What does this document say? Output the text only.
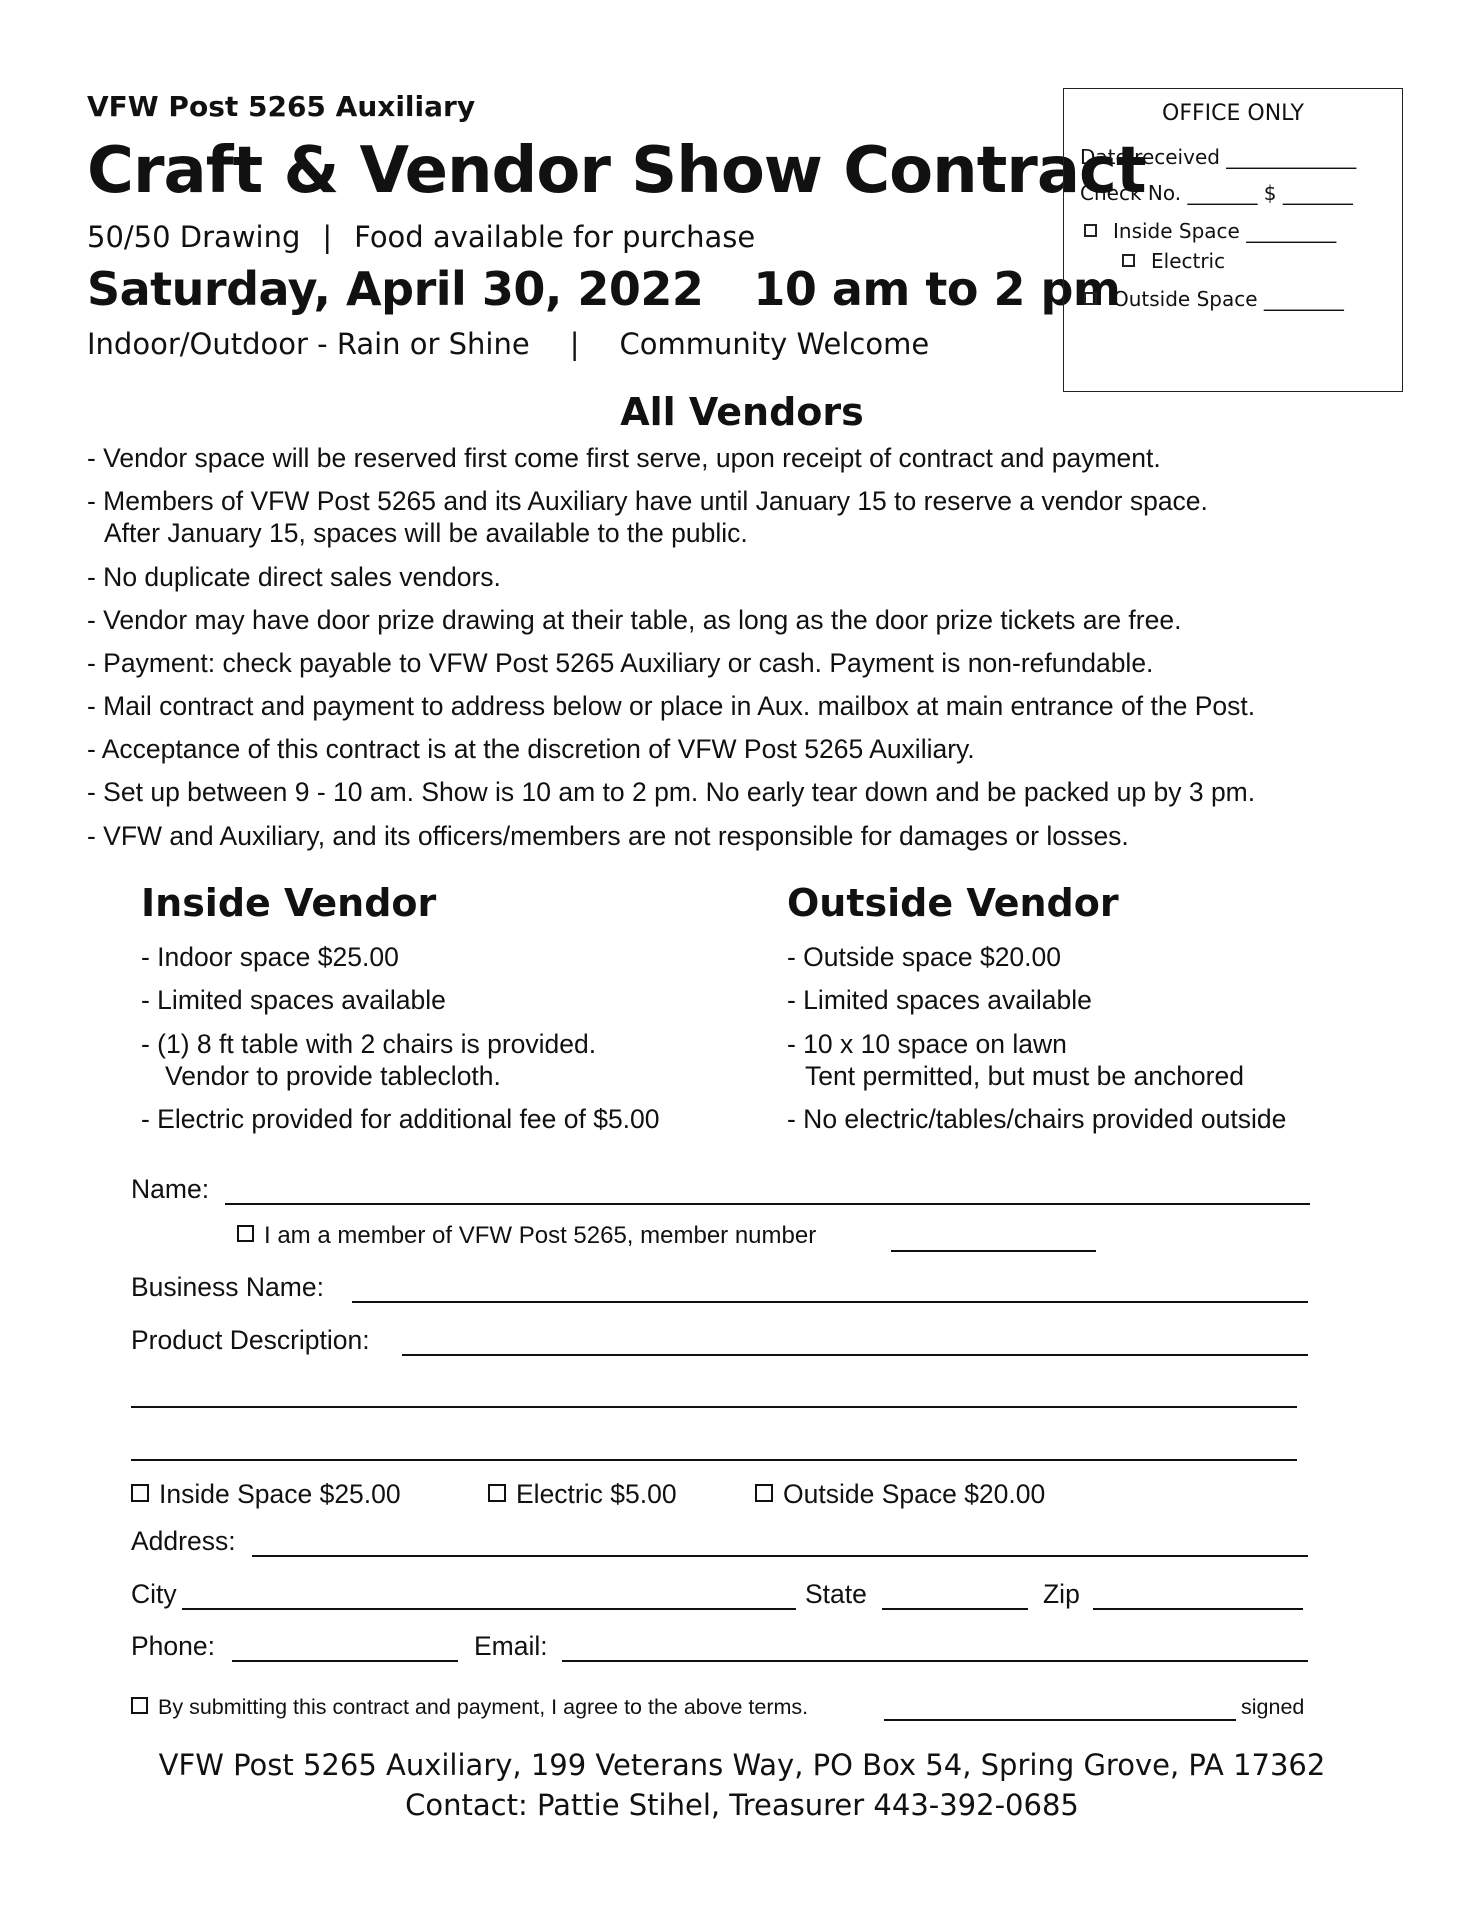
VFW Post 5265 Auxiliary
Craft & Vendor Show Contract
50/50 Drawing | Food available for purchase
Saturday, April 30, 2022 10 am to 2 pm
Indoor/Outdoor - Rain or Shine | Community Welcome
OFFICE ONLY
Date received _____________
Check No. _______ $ _______
Inside Space _________
Electric
Outside Space ________
All Vendors
- Vendor space will be reserved first come first serve, upon receipt of contract and payment.
- Members of VFW Post 5265 and its Auxiliary have until January 15 to reserve a vendor space.
After January 15, spaces will be available to the public.
- No duplicate direct sales vendors.
- Vendor may have door prize drawing at their table, as long as the door prize tickets are free.
- Payment: check payable to VFW Post 5265 Auxiliary or cash. Payment is non-refundable.
- Mail contract and payment to address below or place in Aux. mailbox at main entrance of the Post.
- Acceptance of this contract is at the discretion of VFW Post 5265 Auxiliary.
- Set up between 9 - 10 am. Show is 10 am to 2 pm. No early tear down and be packed up by 3 pm.
- VFW and Auxiliary, and its officers/members are not responsible for damages or losses.
Inside Vendor
- Indoor space $25.00
- Limited spaces available
- (1) 8 ft table with 2 chairs is provided.
Vendor to provide tablecloth.
- Electric provided for additional fee of $5.00
Outside Vendor
- Outside space $20.00
- Limited spaces available
- 10 x 10 space on lawn
Tent permitted, but must be anchored
- No electric/tables/chairs provided outside
Name:
I am a member of VFW Post 5265, member number
Business Name:
Product Description:
Inside Space $25.00	Electric $5.00	Outside Space $20.00
Address:
City	State	Zip
Phone:	Email:
By submitting this contract and payment, I agree to the above terms.	signed
VFW Post 5265 Auxiliary, 199 Veterans Way, PO Box 54, Spring Grove, PA 17362
Contact: Pattie Stihel, Treasurer 443-392-0685
